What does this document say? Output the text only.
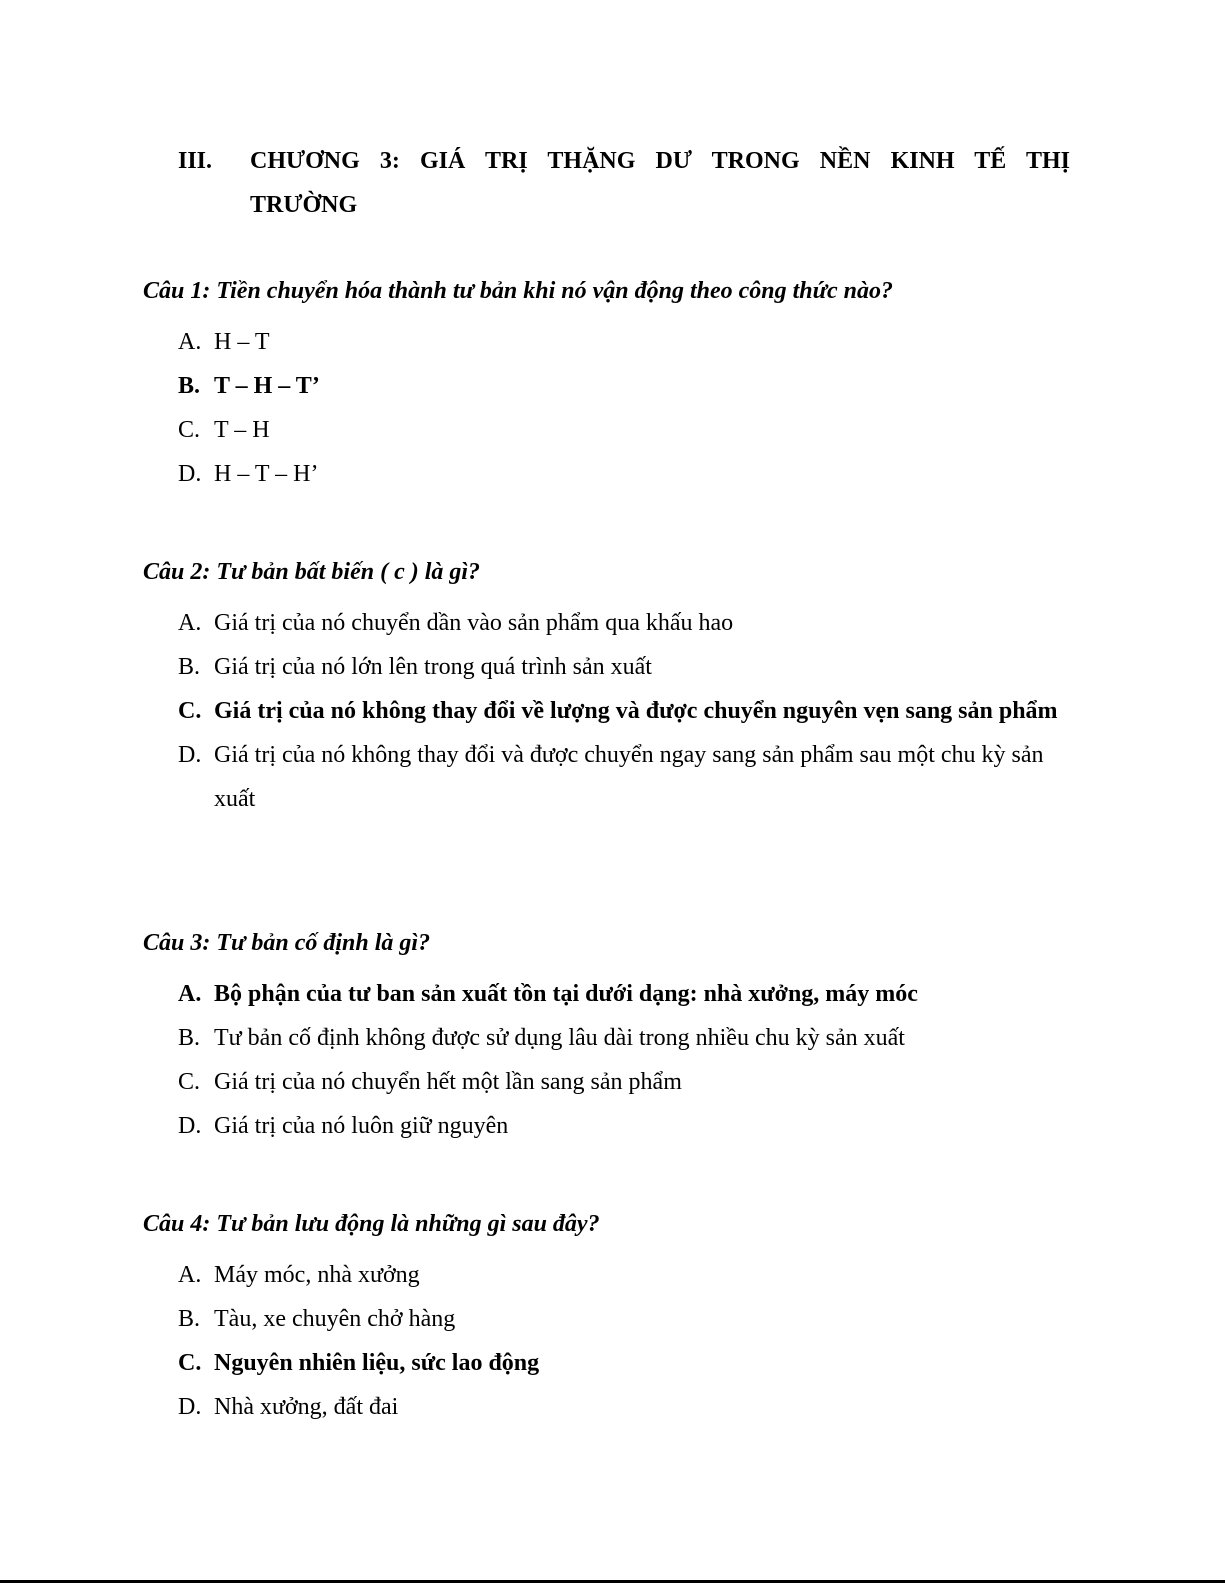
III. CHƯƠNG 3: GIÁ TRỊ THẶNG DƯ TRONG NỀN KINH TẾ THỊ TRƯỜNG
Câu 1: Tiền chuyển hóa thành tư bản khi nó vận động theo công thức nào?
A. H – T
B. T – H – T’
C. T – H
D. H – T – H’
Câu 2: Tư bản bất biến ( c ) là gì?
A. Giá trị của nó chuyển dần vào sản phẩm qua khấu hao
B. Giá trị của nó lớn lên trong quá trình sản xuất
C. Giá trị của nó không thay đổi về lượng và được chuyển nguyên vẹn sang sản phẩm
D. Giá trị của nó không thay đổi và được chuyển ngay sang sản phẩm sau một chu kỳ sản xuất
Câu 3: Tư bản cố định là gì?
A. Bộ phận của tư ban sản xuất tồn tại dưới dạng: nhà xưởng, máy móc
B. Tư bản cố định không được sử dụng lâu dài trong nhiều chu kỳ sản xuất
C. Giá trị của nó chuyển hết một lần sang sản phẩm
D. Giá trị của nó luôn giữ nguyên
Câu 4: Tư bản lưu động là những gì sau đây?
A. Máy móc, nhà xưởng
B. Tàu, xe chuyên chở hàng
C. Nguyên nhiên liệu, sức lao động
D. Nhà xưởng, đất đai
